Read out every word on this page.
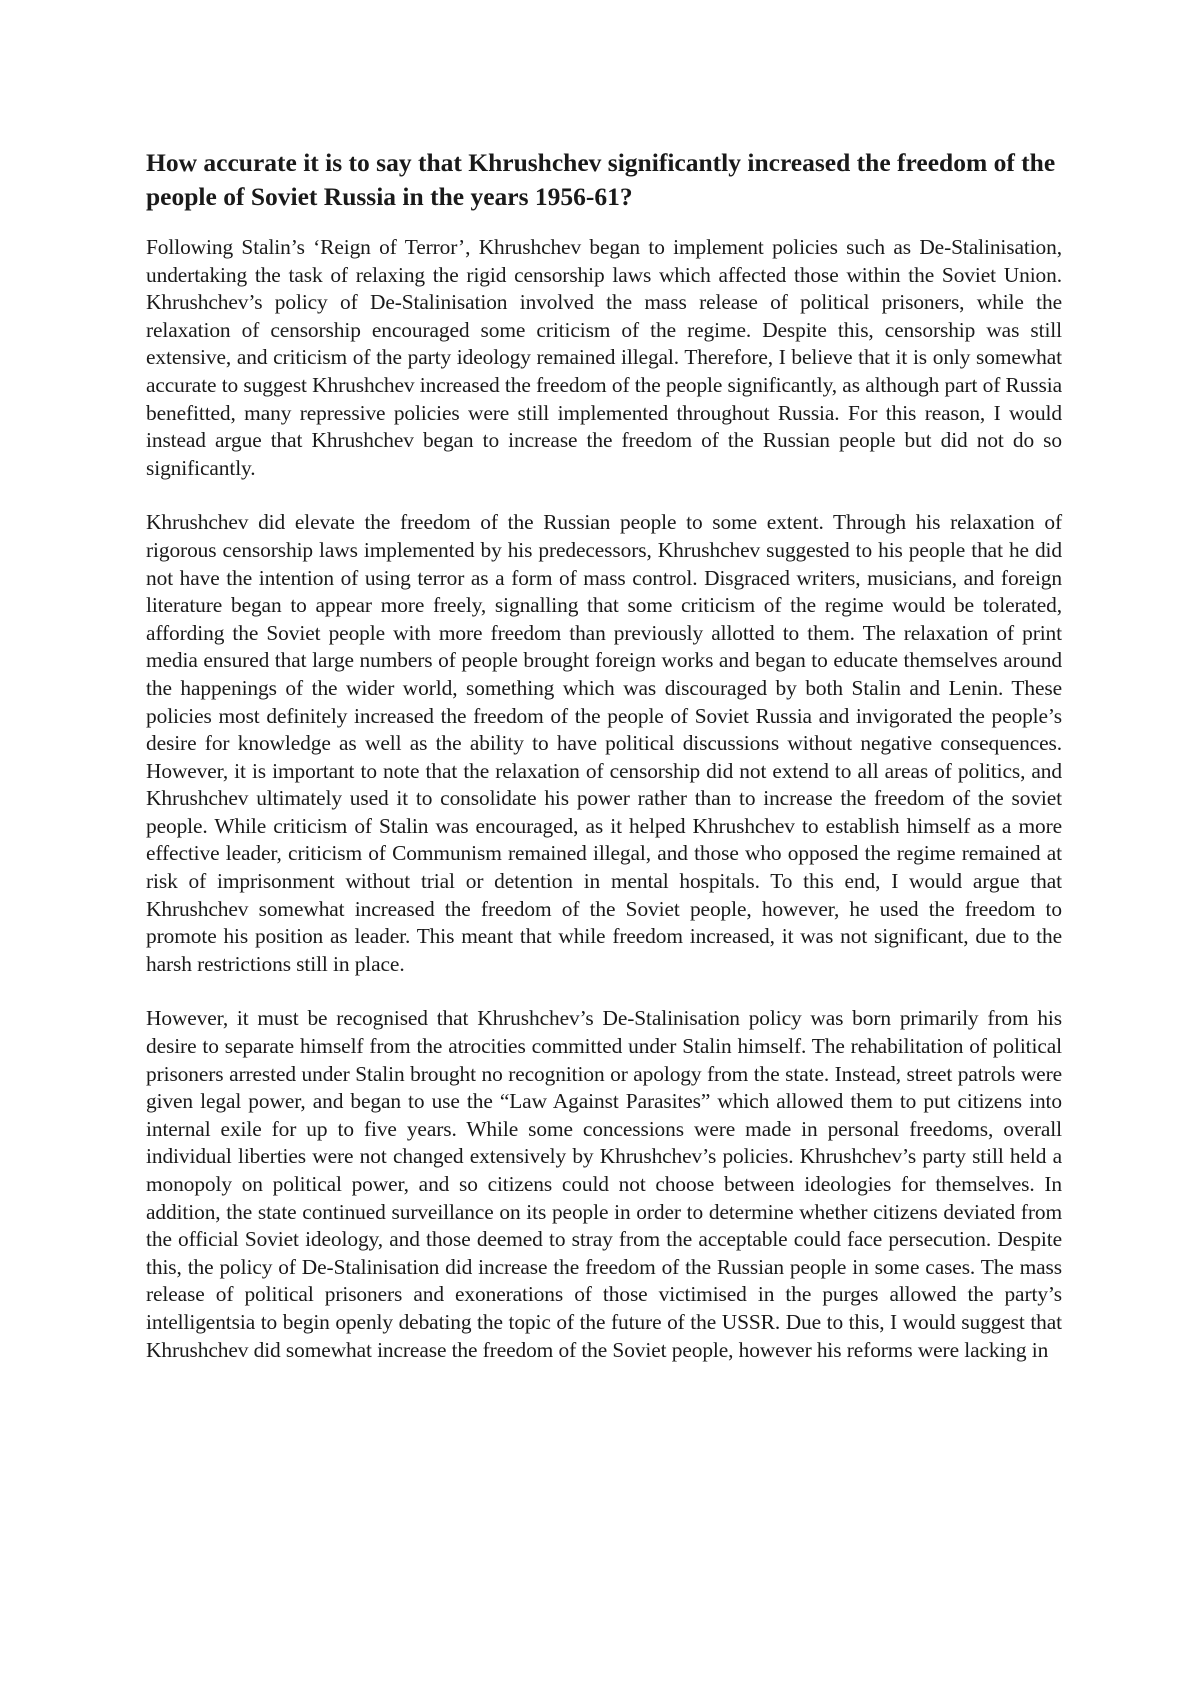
How accurate it is to say that Khrushchev significantly increased the freedom of the people of Soviet Russia in the years 1956-61?

Following Stalin’s ‘Reign of Terror’, Khrushchev began to implement policies such as De-Stalinisation, undertaking the task of relaxing the rigid censorship laws which affected those within the Soviet Union. Khrushchev’s policy of De-Stalinisation involved the mass release of political prisoners, while the relaxation of censorship encouraged some criticism of the regime. Despite this, censorship was still extensive, and criticism of the party ideology remained illegal. Therefore, I believe that it is only somewhat accurate to suggest Khrushchev increased the freedom of the people significantly, as although part of Russia benefitted, many repressive policies were still implemented throughout Russia. For this reason, I would instead argue that Khrushchev began to increase the freedom of the Russian people but did not do so significantly.

Khrushchev did elevate the freedom of the Russian people to some extent. Through his relaxation of rigorous censorship laws implemented by his predecessors, Khrushchev suggested to his people that he did not have the intention of using terror as a form of mass control. Disgraced writers, musicians, and foreign literature began to appear more freely, signalling that some criticism of the regime would be tolerated, affording the Soviet people with more freedom than previously allotted to them. The relaxation of print media ensured that large numbers of people brought foreign works and began to educate themselves around the happenings of the wider world, something which was discouraged by both Stalin and Lenin. These policies most definitely increased the freedom of the people of Soviet Russia and invigorated the people’s desire for knowledge as well as the ability to have political discussions without negative consequences. However, it is important to note that the relaxation of censorship did not extend to all areas of politics, and Khrushchev ultimately used it to consolidate his power rather than to increase the freedom of the soviet people. While criticism of Stalin was encouraged, as it helped Khrushchev to establish himself as a more effective leader, criticism of Communism remained illegal, and those who opposed the regime remained at risk of imprisonment without trial or detention in mental hospitals. To this end, I would argue that Khrushchev somewhat increased the freedom of the Soviet people, however, he used the freedom to promote his position as leader. This meant that while freedom increased, it was not significant, due to the harsh restrictions still in place.

However, it must be recognised that Khrushchev’s De-Stalinisation policy was born primarily from his desire to separate himself from the atrocities committed under Stalin himself. The rehabilitation of political prisoners arrested under Stalin brought no recognition or apology from the state. Instead, street patrols were given legal power, and began to use the “Law Against Parasites” which allowed them to put citizens into internal exile for up to five years. While some concessions were made in personal freedoms, overall individual liberties were not changed extensively by Khrushchev’s policies. Khrushchev’s party still held a monopoly on political power, and so citizens could not choose between ideologies for themselves. In addition, the state continued surveillance on its people in order to determine whether citizens deviated from the official Soviet ideology, and those deemed to stray from the acceptable could face persecution. Despite this, the policy of De-Stalinisation did increase the freedom of the Russian people in some cases. The mass release of political prisoners and exonerations of those victimised in the purges allowed the party’s intelligentsia to begin openly debating the topic of the future of the USSR. Due to this, I would suggest that Khrushchev did somewhat increase the freedom of the Soviet people, however his reforms were lacking in
